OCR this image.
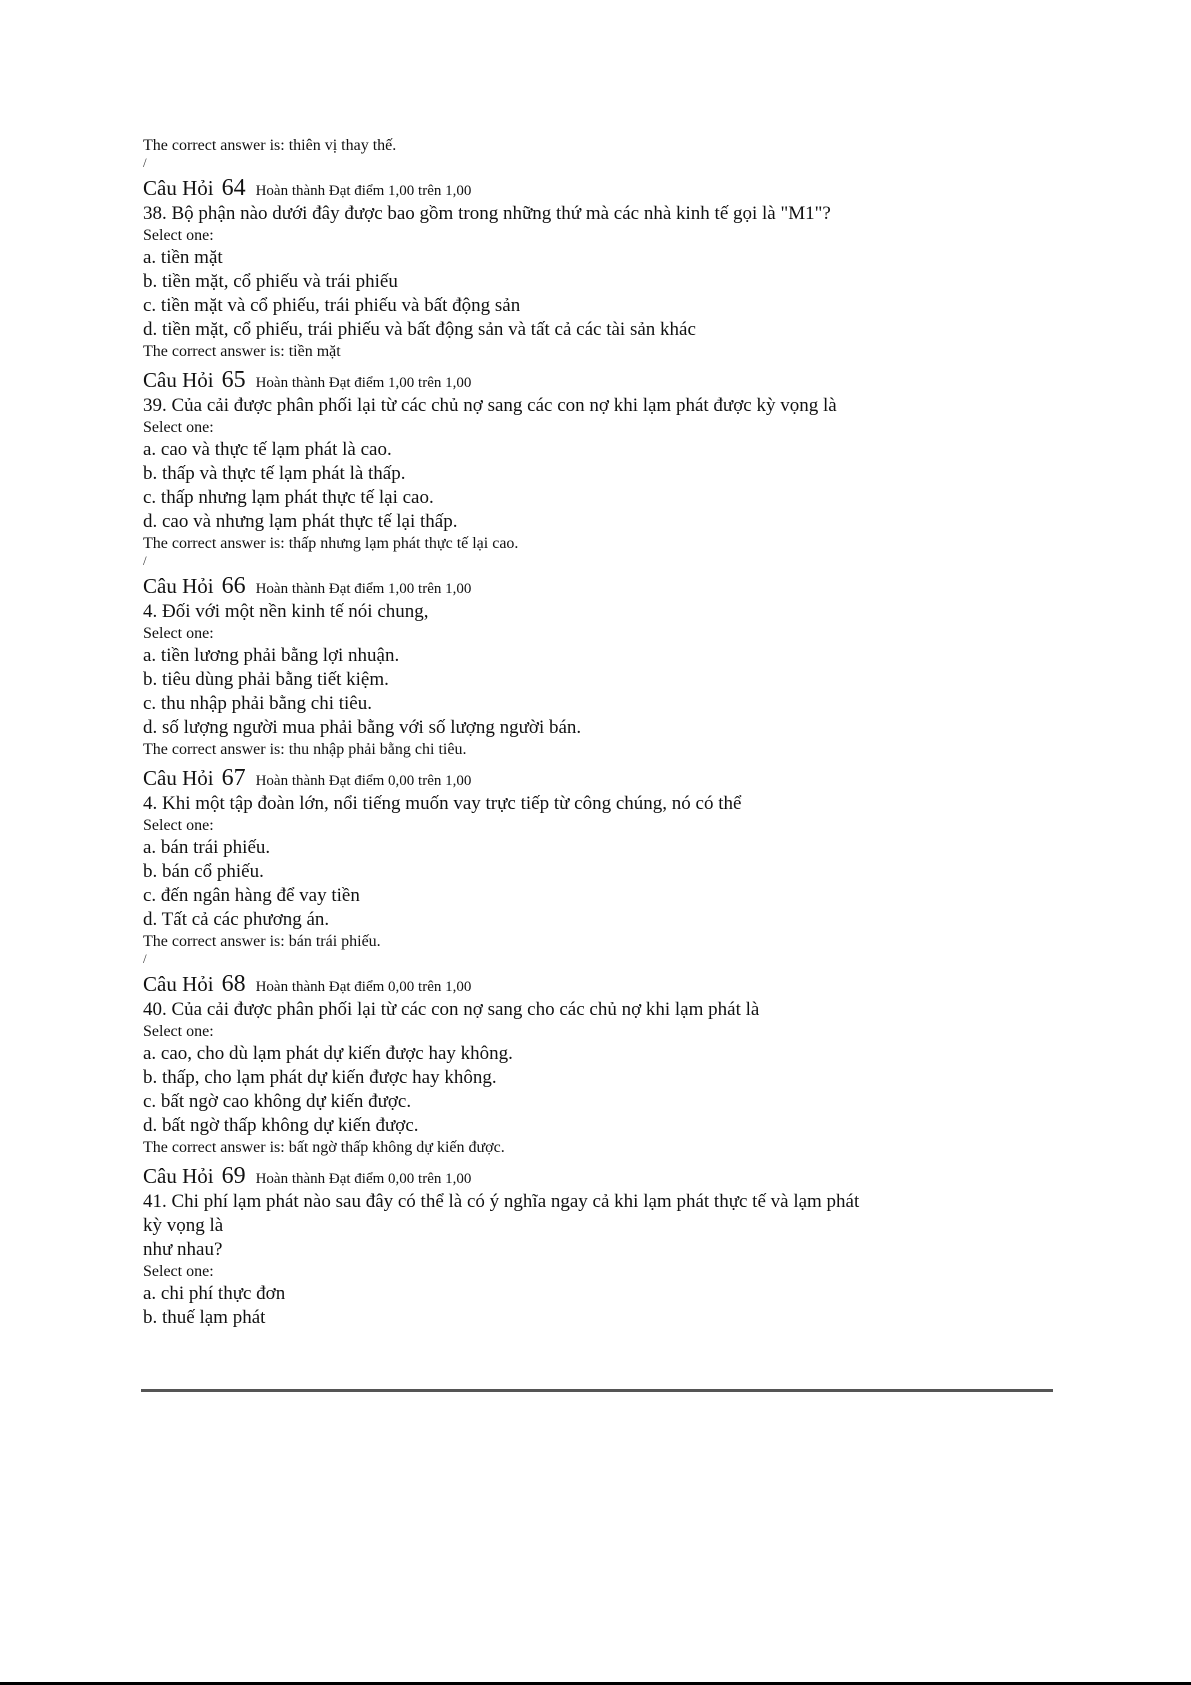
The correct answer is: thiên vị thay thế.
/
Câu Hỏi 64 Hoàn thành Đạt điểm 1,00 trên 1,00
38. Bộ phận nào dưới đây được bao gồm trong những thứ mà các nhà kinh tế gọi là "M1"?
Select one:
a. tiền mặt
b. tiền mặt, cổ phiếu và trái phiếu
c. tiền mặt và cổ phiếu, trái phiếu và bất động sản
d. tiền mặt, cổ phiếu, trái phiếu và bất động sản và tất cả các tài sản khác
The correct answer is: tiền mặt
Câu Hỏi 65 Hoàn thành Đạt điểm 1,00 trên 1,00
39. Của cải được phân phối lại từ các chủ nợ sang các con nợ khi lạm phát được kỳ vọng là
Select one:
a. cao và thực tế lạm phát là cao.
b. thấp và thực tế lạm phát là thấp.
c. thấp nhưng lạm phát thực tế lại cao.
d. cao và nhưng lạm phát thực tế lại thấp.
The correct answer is: thấp nhưng lạm phát thực tế lại cao.
/
Câu Hỏi 66 Hoàn thành Đạt điểm 1,00 trên 1,00
4. Đối với một nền kinh tế nói chung,
Select one:
a. tiền lương phải bằng lợi nhuận.
b. tiêu dùng phải bằng tiết kiệm.
c. thu nhập phải bằng chi tiêu.
d. số lượng người mua phải bằng với số lượng người bán.
The correct answer is: thu nhập phải bằng chi tiêu.
Câu Hỏi 67 Hoàn thành Đạt điểm 0,00 trên 1,00
4. Khi một tập đoàn lớn, nổi tiếng muốn vay trực tiếp từ công chúng, nó có thể
Select one:
a. bán trái phiếu.
b. bán cổ phiếu.
c. đến ngân hàng để vay tiền
d. Tất cả các phương án.
The correct answer is: bán trái phiếu.
/
Câu Hỏi 68 Hoàn thành Đạt điểm 0,00 trên 1,00
40. Của cải được phân phối lại từ các con nợ sang cho các chủ nợ khi lạm phát là
Select one:
a. cao, cho dù lạm phát dự kiến được hay không.
b. thấp, cho lạm phát dự kiến được hay không.
c. bất ngờ cao không dự kiến được.
d. bất ngờ thấp không dự kiến được.
The correct answer is: bất ngờ thấp không dự kiến được.
Câu Hỏi 69 Hoàn thành Đạt điểm 0,00 trên 1,00
41. Chi phí lạm phát nào sau đây có thể là có ý nghĩa ngay cả khi lạm phát thực tế và lạm phát
kỳ vọng là
như nhau?
Select one:
a. chi phí thực đơn
b. thuế lạm phát
